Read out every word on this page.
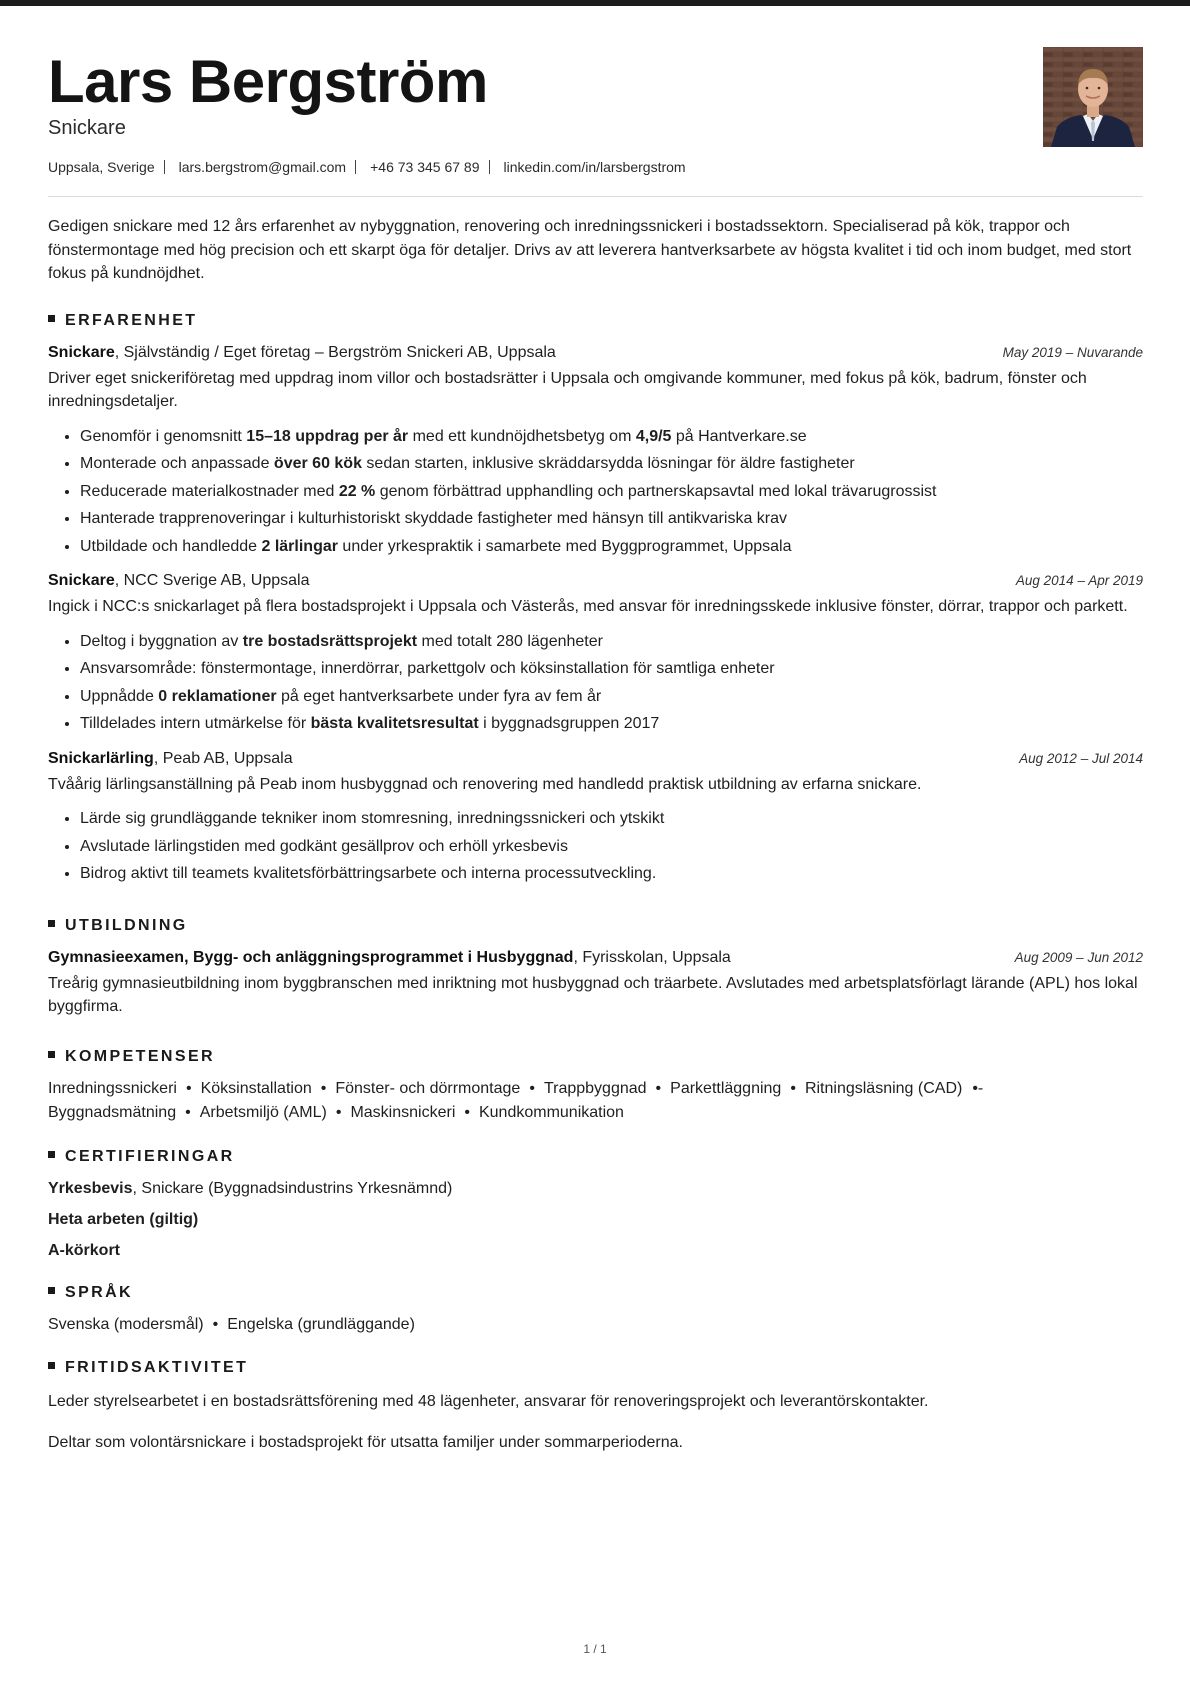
Lars Bergström
Snickare
Uppsala, Sverige lars.bergstrom@gmail.com +46 73 345 67 89 linkedin.com/in/larsbergstrom

Gedigen snickare med 12 års erfarenhet av nybyggnation, renovering och inredningssnickeri i bostadssektorn. Specialiserad på kök, trappor och fönstermontage med hög precision och ett skarpt öga för detaljer. Drivs av att leverera hantverksarbete av högsta kvalitet i tid och inom budget, med stort fokus på kundnöjdhet.

ERFARENHET
Snickare, Självständig / Eget företag – Bergström Snickeri AB, Uppsala	May 2019 – Nuvarande
Driver eget snickeriföretag med uppdrag inom villor och bostadsrätter i Uppsala och omgivande kommuner, med fokus på kök, badrum, fönster och inredningsdetaljer.
• Genomför i genomsnitt 15–18 uppdrag per år med ett kundnöjdhetsbetyg om 4,9/5 på Hantverkare.se
• Monterade och anpassade över 60 kök sedan starten, inklusive skräddarsydda lösningar för äldre fastigheter
• Reducerade materialkostnader med 22 % genom förbättrad upphandling och partnerskapsavtal med lokal trävarugrossist
• Hanterade trapprenoveringar i kulturhistoriskt skyddade fastigheter med hänsyn till antikvariska krav
• Utbildade och handledde 2 lärlingar under yrkespraktik i samarbete med Byggprogrammet, Uppsala
Snickare, NCC Sverige AB, Uppsala	Aug 2014 – Apr 2019
Ingick i NCC:s snickarlaget på flera bostadsprojekt i Uppsala och Västerås, med ansvar för inredningsskede inklusive fönster, dörrar, trappor och parkett.
• Deltog i byggnation av tre bostadsrättsprojekt med totalt 280 lägenheter
• Ansvarsområde: fönstermontage, innerdörrar, parkettgolv och köksinstallation för samtliga enheter
• Uppnådde 0 reklamationer på eget hantverksarbete under fyra av fem år
• Tilldelades intern utmärkelse för bästa kvalitetsresultat i byggnadsgruppen 2017
Snickarlärling, Peab AB, Uppsala	Aug 2012 – Jul 2014
Tvåårig lärlingsanställning på Peab inom husbyggnad och renovering med handledd praktisk utbildning av erfarna snickare.
• Lärde sig grundläggande tekniker inom stomresning, inredningssnickeri och ytskikt
• Avslutade lärlingstiden med godkänt gesällprov och erhöll yrkesbevis
• Bidrog aktivt till teamets kvalitetsförbättringsarbete och interna processutveckling.
UTBILDNING
Gymnasieexamen, Bygg- och anläggningsprogrammet i Husbyggnad, Fyrisskolan, Uppsala	Aug 2009 – Jun 2012
Treårig gymnasieutbildning inom byggbranschen med inriktning mot husbyggnad och träarbete. Avslutades med arbetsplatsförlagt lärande (APL) hos lokal byggfirma.
KOMPETENSER
Inredningssnickeri • Köksinstallation • Fönster- och dörrmontage • Trappbyggnad • Parkettläggning • Ritningsläsning (CAD) •-
Byggnadsmätning • Arbetsmiljö (AML) • Maskinsnickeri • Kundkommunikation
CERTIFIERINGAR
Yrkesbevis, Snickare (Byggnadsindustrins Yrkesnämnd)
Heta arbeten (giltig)
A-körkort
SPRÅK
Svenska (modersmål) • Engelska (grundläggande)
FRITIDSAKTIVITET
Leder styrelsearbetet i en bostadsrättsförening med 48 lägenheter, ansvarar för renoveringsprojekt och leverantörskontakter.
Deltar som volontärsnickare i bostadsprojekt för utsatta familjer under sommarperioderna.
1 / 1
